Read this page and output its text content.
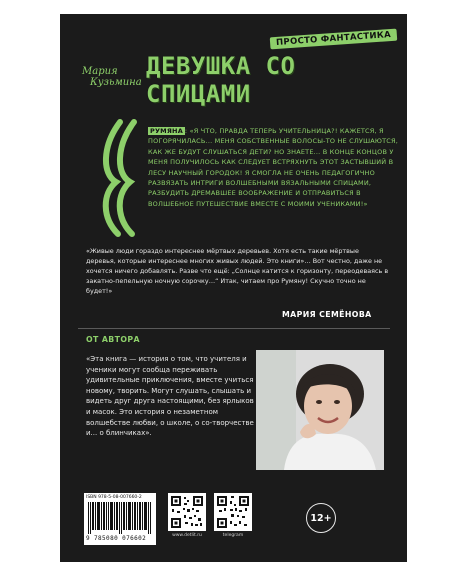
ПРОСТО ФАНТАСТИКА
Мария
Кузьмина
ДЕВУШКА СО СПИЦАМИ
РУМЯНА : «Я ЧТО, ПРАВДА ТЕПЕРЬ УЧИТЕЛЬНИЦА?! КАЖЕТСЯ, Я ПОГОРЯЧИЛАСЬ... МЕНЯ СОБСТВЕННЫЕ ВОЛОСЫ-ТО НЕ СЛУШАЮТСЯ, КАК ЖЕ БУДУТ СЛУШАТЬСЯ ДЕТИ? НО ЗНАЕТЕ... В КОНЦЕ КОНЦОВ У МЕНЯ ПОЛУЧИЛОСЬ КАК СЛЕДУЕТ ВСТРЯХНУТЬ ЭТОТ ЗАСТЫВШИЙ В ЛЕСУ НАУЧНЫЙ ГОРОДОК! Я СМОГЛА НЕ ОЧЕНЬ ПЕДАГОГИЧНО РАЗВЯЗАТЬ ИНТРИГИ ВОЛШЕБНЫМИ ВЯЗАЛЬНЫМИ СПИЦАМИ, РАЗБУДИТЬ ДРЕМАВШЕЕ ВООБРАЖЕНИЕ И ОТПРАВИТЬСЯ В ВОЛШЕБНОЕ ПУТЕШЕСТВИЕ ВМЕСТЕ С МОИМИ УЧЕНИКАМИ!»
«Живые люди гораздо интереснее мёртвых деревьев. Хотя есть такие мёртвые деревья, которые интереснее многих живых людей. Это книги»… Вот честно, даже не хочется ничего добавлять. Разве что ещё: „Солнце катится к горизонту, переодеваясь в закатно-пепельную ночную сорочку…“ Итак, читаем про Румяну! Скучно точно не будет!»
МАРИЯ СЕМЁНОВА
ОТ АВТОРА
«Эта книга — история о том, что учителя и ученики могут сообща переживать удивительные приключения, вместе учиться новому, творить. Могут слушать, слышать и видеть друг друга настоящими, без ярлыков и масок. Это история о незаметном волшебстве любви, о школе, о со-творчестве и... о блинчиках».
ISBN 978-5-08-007660-2
9 785080 076602	www.detlit.ru	telegram
12+
